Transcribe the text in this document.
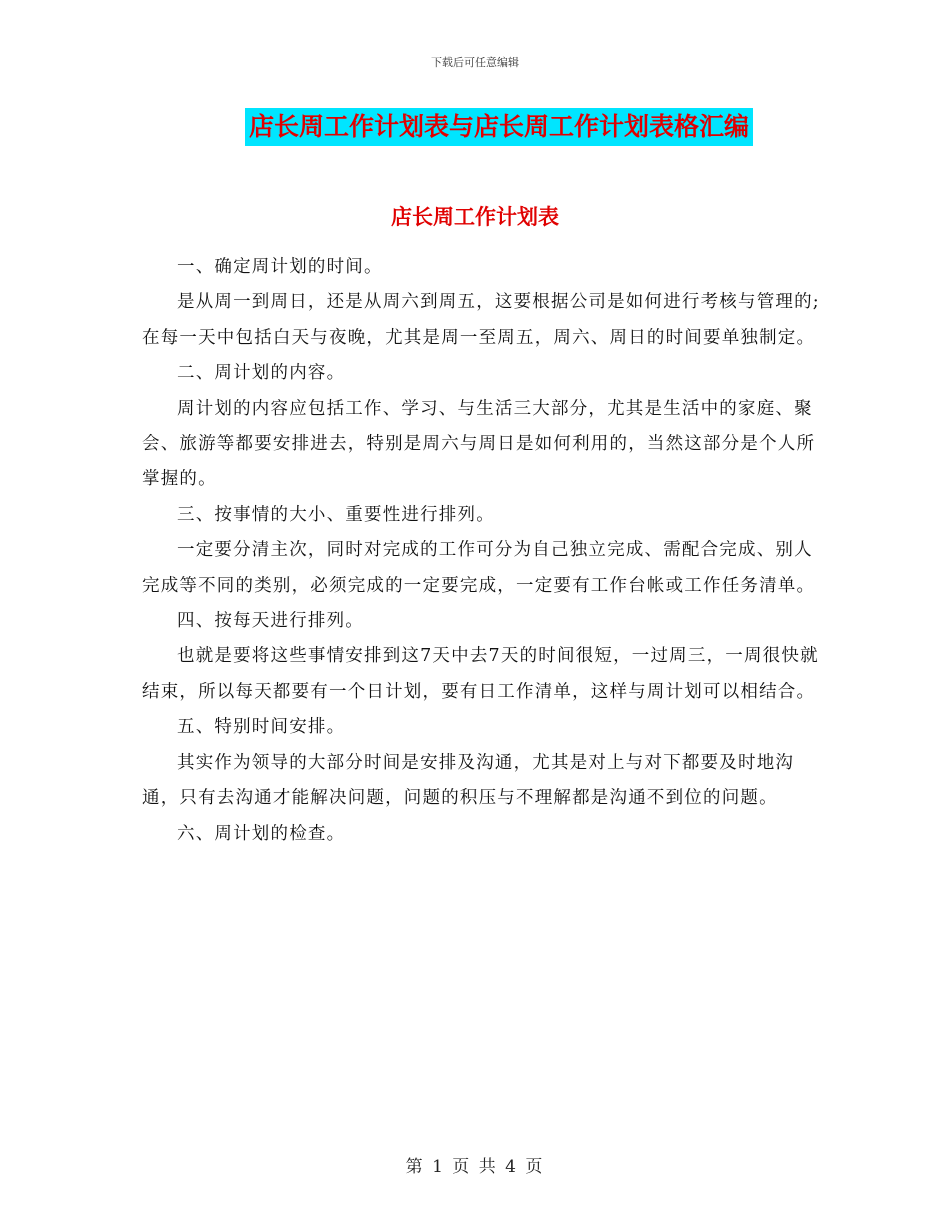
下载后可任意编辑
店长周工作计划表与店长周工作计划表格汇编
店长周工作计划表

一、确定周计划的时间。

是从周一到周日，还是从周六到周五，这要根据公司是如何进行考核与管理的;在每一天中包括白天与夜晚，尤其是周一至周五，周六、周日的时间要单独制定。

二、周计划的内容。

周计划的内容应包括工作、学习、与生活三大部分，尤其是生活中的家庭、聚会、旅游等都要安排进去，特别是周六与周日是如何利用的，当然这部分是个人所掌握的。

三、按事情的大小、重要性进行排列。

一定要分清主次，同时对完成的工作可分为自己独立完成、需配合完成、别人完成等不同的类别，必须完成的一定要完成，一定要有工作台帐或工作任务清单。

四、按每天进行排列。

也就是要将这些事情安排到这7天中去7天的时间很短，一过周三，一周很快就结束，所以每天都要有一个日计划，要有日工作清单，这样与周计划可以相结合。

五、特别时间安排。

其实作为领导的大部分时间是安排及沟通，尤其是对上与对下都要及时地沟通，只有去沟通才能解决问题，问题的积压与不理解都是沟通不到位的问题。

六、周计划的检查。

第 1 页 共 4 页
